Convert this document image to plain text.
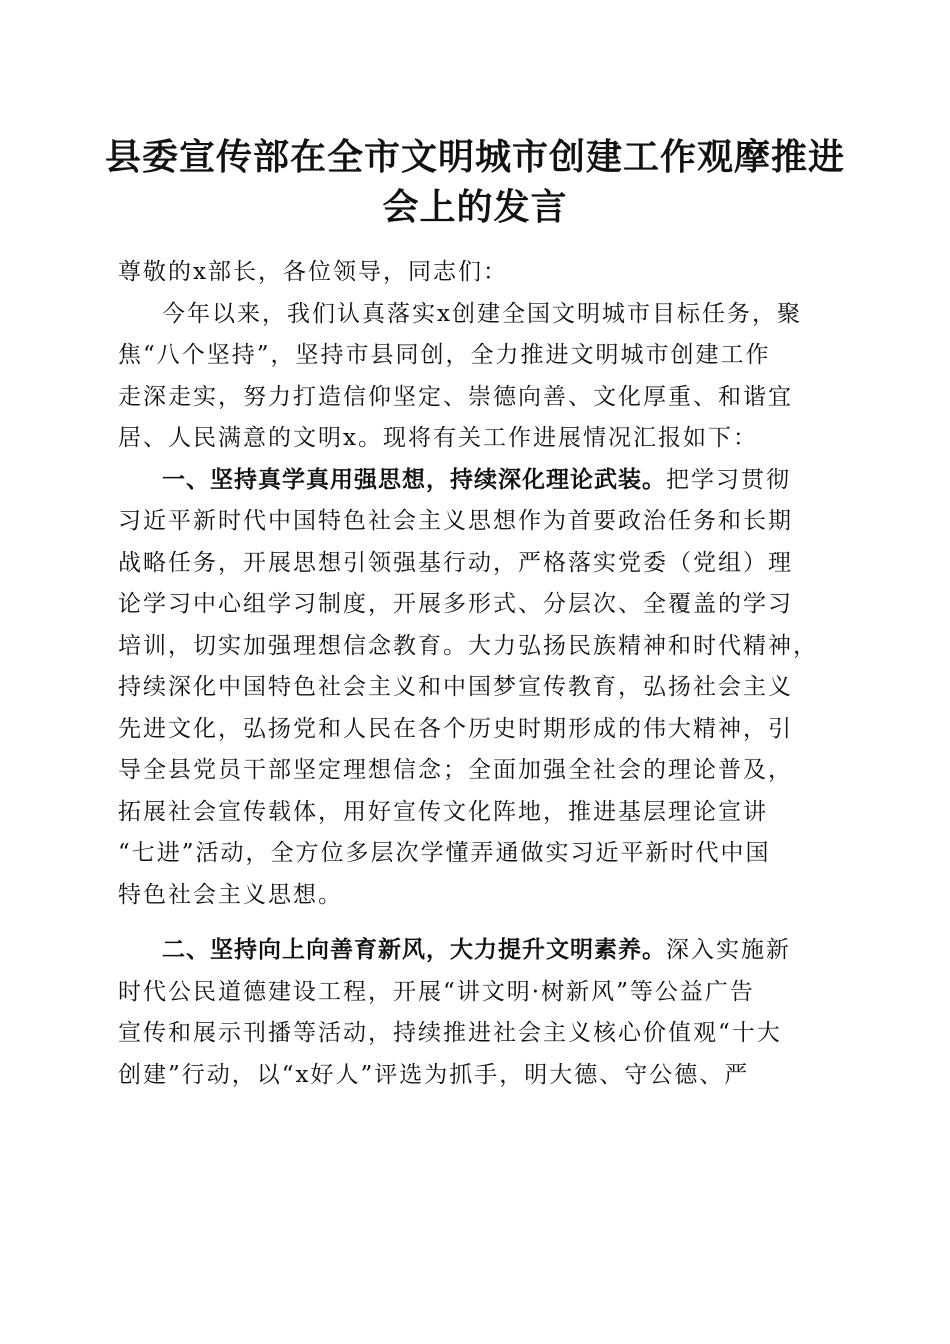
县委宣传部在全市文明城市创建工作观摩推进
会上的发言
尊敬的x部长，各位领导，同志们：
今年以来，我们认真落实x创建全国文明城市目标任务，聚
焦“八个坚持”，坚持市县同创，全力推进文明城市创建工作
走深走实，努力打造信仰坚定、崇德向善、文化厚重、和谐宜
居、人民满意的文明x。现将有关工作进展情况汇报如下：
一、坚持真学真用强思想，持续深化理论武装。把学习贯彻
习近平新时代中国特色社会主义思想作为首要政治任务和长期
战略任务，开展思想引领强基行动，严格落实党委（党组）理
论学习中心组学习制度，开展多形式、分层次、全覆盖的学习
培训，切实加强理想信念教育。大力弘扬民族精神和时代精神，
持续深化中国特色社会主义和中国梦宣传教育，弘扬社会主义
先进文化，弘扬党和人民在各个历史时期形成的伟大精神，引
导全县党员干部坚定理想信念；全面加强全社会的理论普及，
拓展社会宣传载体，用好宣传文化阵地，推进基层理论宣讲
“七进”活动，全方位多层次学懂弄通做实习近平新时代中国
特色社会主义思想。
二、坚持向上向善育新风，大力提升文明素养。深入实施新
时代公民道德建设工程，开展“讲文明·树新风”等公益广告
宣传和展示刊播等活动，持续推进社会主义核心价值观“十大
创建”行动，以“x好人”评选为抓手，明大德、守公德、严
